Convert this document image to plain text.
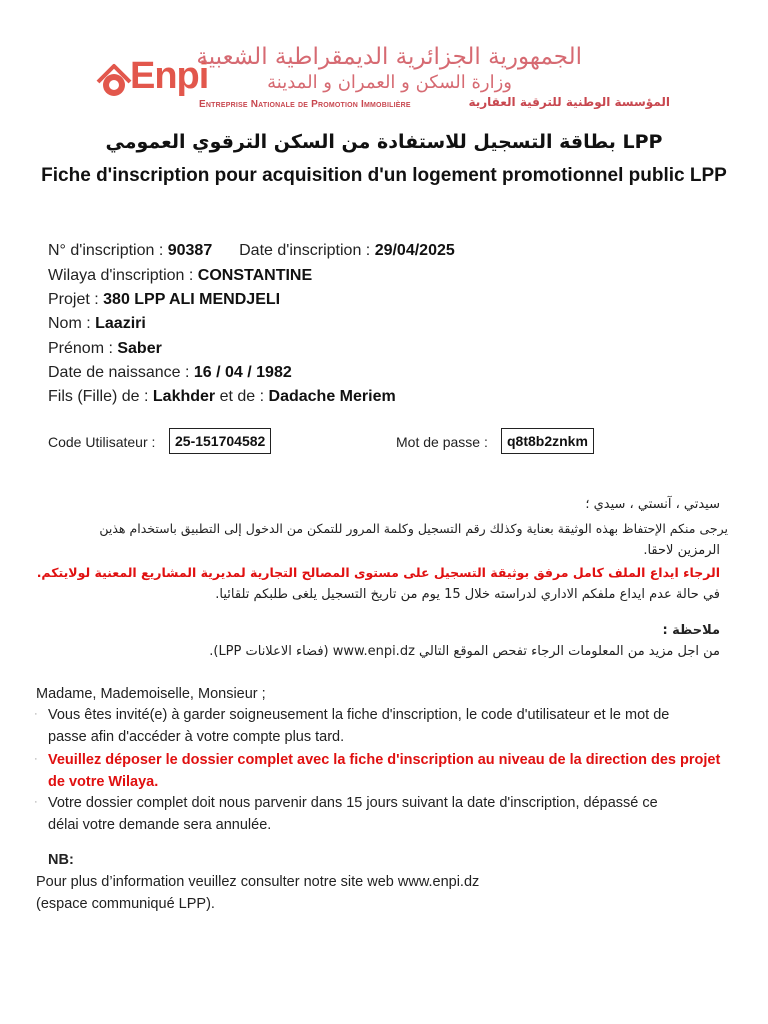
Enpi
الجمهورية الجزائرية الديمقراطية الشعبية
وزارة السكن و العمران و المدينة
Entreprise Nationale de Promotion Immobilière	المؤسسة الوطنية للترقية العقارية
بطاقة التسجيل للاستفادة من السكن الترقوي العمومي LPP
Fiche d'inscription pour acquisition d'un logement promotionnel public LPP
N° d'inscription : 90387 Date d'inscription : 29/04/2025
Wilaya d'inscription : CONSTANTINE
Projet : 380 LPP ALI MENDJELI
Nom : Laaziri
Prénom : Saber
Date de naissance : 16 / 04 / 1982
Fils (Fille) de : Lakhder et de : Dadache Meriem
Code Utilisateur :	25-151704582	Mot de passe :	q8t8b2znkm
سيدتي ، آنستي ، سيدي ؛
يرجى منكم الإحتفاظ بهذه الوثيقة بعناية وكذلك رقم التسجيل وكلمة المرور للتمكن من الدخول إلى التطبيق باستخدام هذين
الرمزين لاحقا.
الرجاء ايداع الملف كامل مرفق بوثيقة التسجيل على مستوى المصالح التجارية لمديرية المشاريع المعنية لولايتكم.
في حالة عدم ايداع ملفكم الاداري لدراسته خلال 15 يوم من تاريخ التسجيل يلغى طلبكم تلقائيا.
ملاحظة :
من اجل مزيد من المعلومات الرجاء تفحص الموقع التالي www.enpi.dz (فضاء الاعلانات LPP).
Madame, Mademoiselle, Monsieur ;
· Vous êtes invité(e) à garder soigneusement la fiche d'inscription, le code d'utilisateur et le mot de
passe afin d'accéder à votre compte plus tard.
· Veuillez déposer le dossier complet avec la fiche d'inscription au niveau de la direction des projet
de votre Wilaya.
· Votre dossier complet doit nous parvenir dans 15 jours suivant la date d'inscription, dépassé ce
délai votre demande sera annulée.
NB:
Pour plus d’information veuillez consulter notre site web www.enpi.dz
(espace communiqué LPP).
